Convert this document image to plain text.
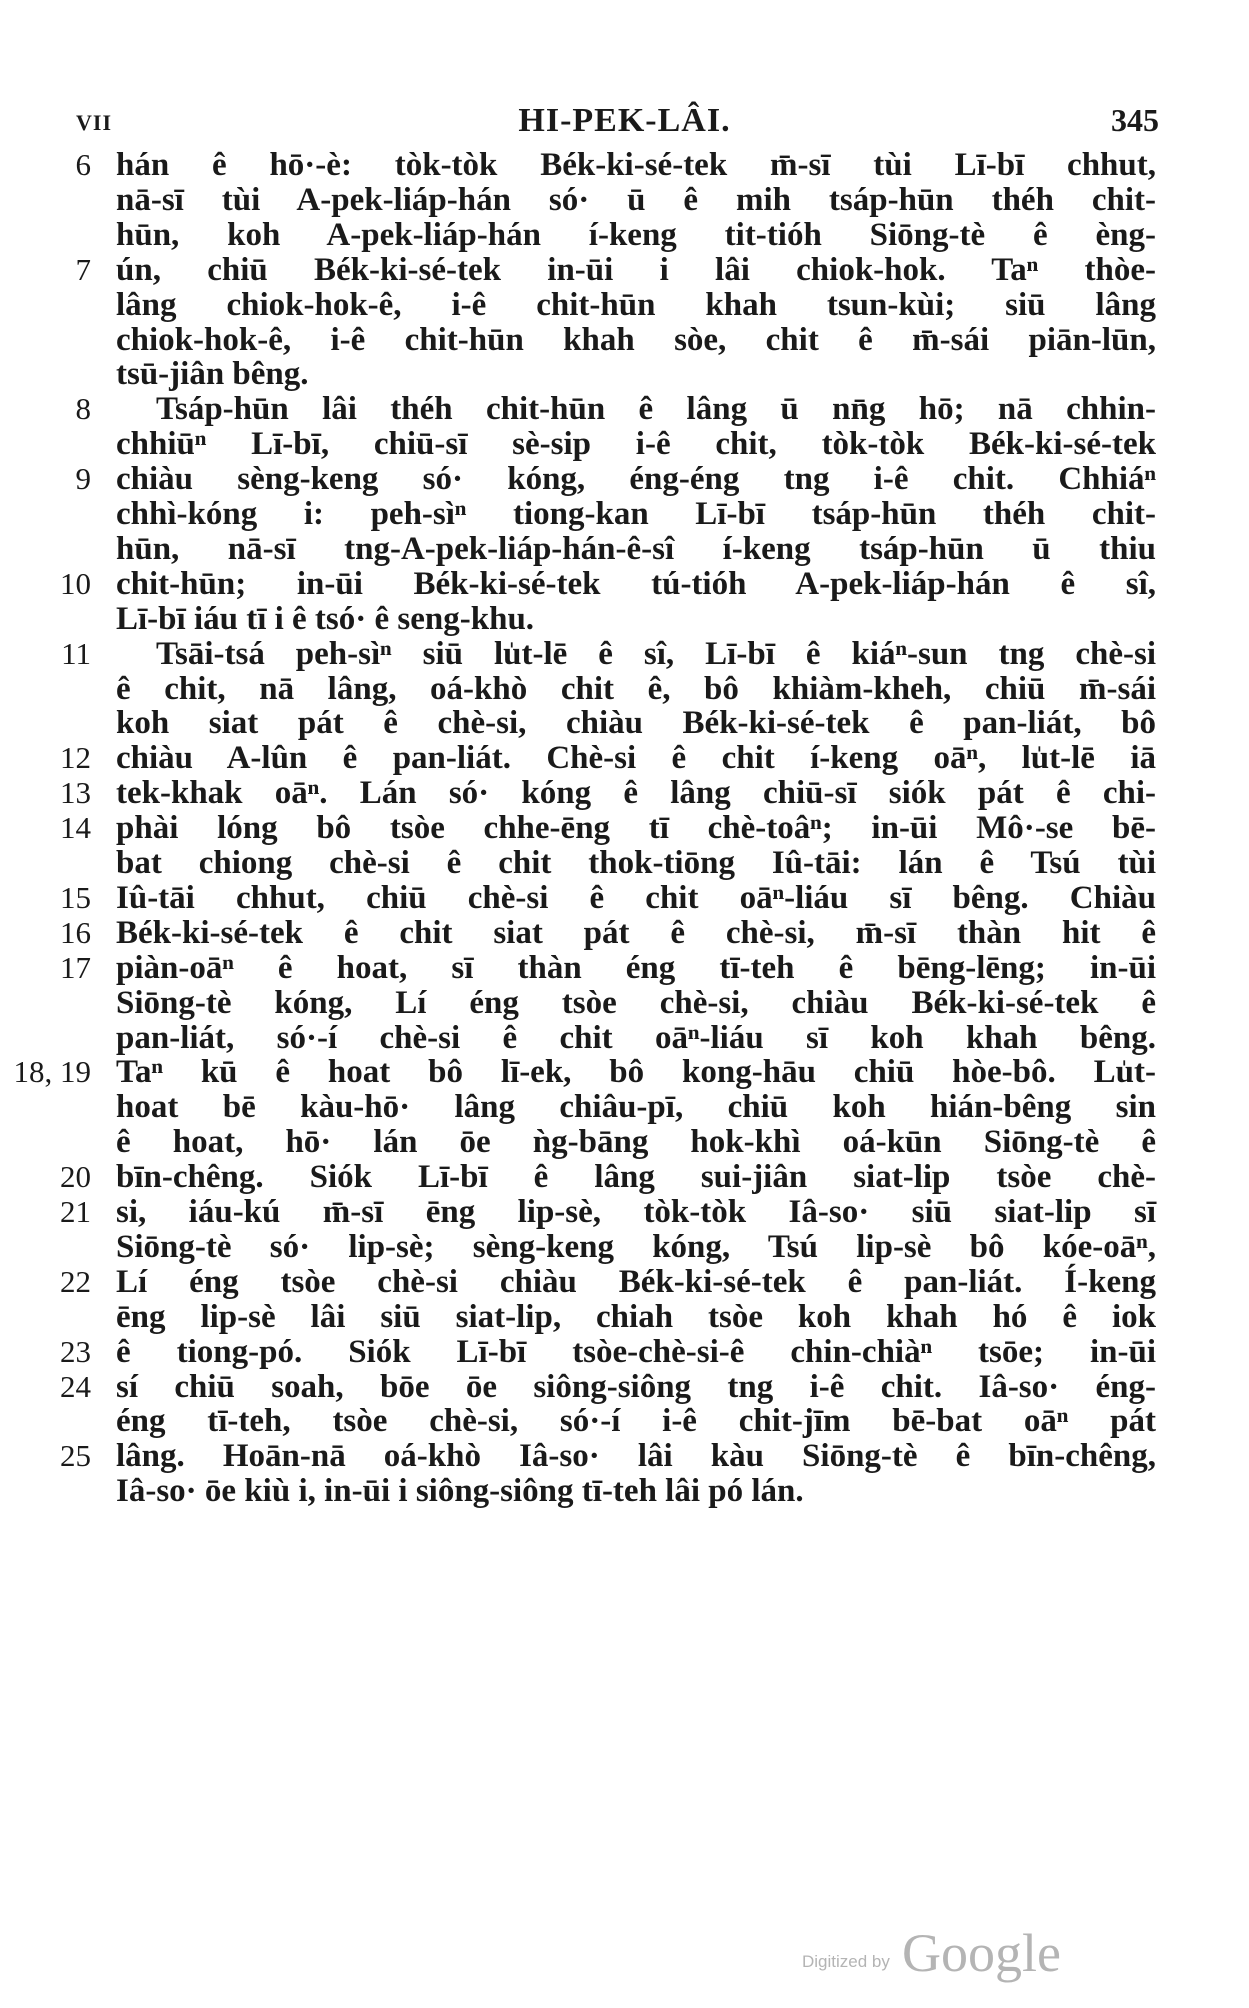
VII	HI-PEK-LÂI.	345
6 hán ê hō·-è: tòk-tòk Bék-ki-sé-tek m̄-sī tùi Lī-bī chhut,
nā-sī tùi A-pek-liáp-hán só· ū ê mih tsáp-hūn théh chit-
hūn, koh A-pek-liáp-hán í-keng tit-tióh Siōng-tè ê èng-
7 ún, chiū Bék-ki-sé-tek in-ūi i lâi chiok-hok. Taⁿ thòe-
lâng chiok-hok-ê, i-ê chit-hūn khah tsun-kùi; siū lâng
chiok-hok-ê, i-ê chit-hūn khah sòe, chit ê m̄-sái piān-lūn,
tsū-jiân bêng.
8 Tsáp-hūn lâi théh chit-hūn ê lâng ū nn̄g hō; nā chhin-
chhiūⁿ Lī-bī, chiū-sī sè-sip i-ê chit, tòk-tòk Bék-ki-sé-tek
9 chiàu sèng-keng só· kóng, éng-éng tng i-ê chit. Chhiáⁿ
chhì-kóng i: peh-sìⁿ tiong-kan Lī-bī tsáp-hūn théh chit-
hūn, nā-sī tng-A-pek-liáp-hán-ê-sî í-keng tsáp-hūn ū thiu
10 chit-hūn; in-ūi Bék-ki-sé-tek tú-tióh A-pek-liáp-hán ê sî,
Lī-bī iáu tī i ê tsó· ê seng-khu.
11 Tsāi-tsá peh-sìⁿ siū lu̍t-lē ê sî, Lī-bī ê kiáⁿ-sun tng chè-si
ê chit, nā lâng, oá-khò chit ê, bô khiàm-kheh, chiū m̄-sái
koh siat pát ê chè-si, chiàu Bék-ki-sé-tek ê pan-liát, bô
12 chiàu A-lûn ê pan-liát. Chè-si ê chit í-keng oāⁿ, lu̍t-lē iā
13 tek-khak oāⁿ. Lán só· kóng ê lâng chiū-sī siók pát ê chi-
14 phài lóng bô tsòe chhe-ēng tī chè-toâⁿ; in-ūi Mô·-se bē-
bat chiong chè-si ê chit thok-tiōng Iû-tāi: lán ê Tsú tùi
15 Iû-tāi chhut, chiū chè-si ê chit oāⁿ-liáu sī bêng. Chiàu
16 Bék-ki-sé-tek ê chit siat pát ê chè-si, m̄-sī thàn hit ê
17 piàn-oāⁿ ê hoat, sī thàn éng tī-teh ê bēng-lēng; in-ūi
Siōng-tè kóng, Lí éng tsòe chè-si, chiàu Bék-ki-sé-tek ê
pan-liát, só·-í chè-si ê chit oāⁿ-liáu sī koh khah bêng.
18, 19 Taⁿ kū ê hoat bô lī-ek, bô kong-hāu chiū hòe-bô. Lu̍t-
hoat bē kàu-hō· lâng chiâu-pī, chiū koh hián-bêng sin
ê hoat, hō· lán ōe ǹg-bāng hok-khì oá-kūn Siōng-tè ê
20 bīn-chêng. Siók Lī-bī ê lâng sui-jiân siat-lip tsòe chè-
21 si, iáu-kú m̄-sī ēng lip-sè, tòk-tòk Iâ-so· siū siat-lip sī
Siōng-tè só· lip-sè; sèng-keng kóng, Tsú lip-sè bô kóe-oāⁿ,
22 Lí éng tsòe chè-si chiàu Bék-ki-sé-tek ê pan-liát. Í-keng
ēng lip-sè lâi siū siat-lip, chiah tsòe koh khah hó ê iok
23 ê tiong-pó. Siók Lī-bī tsòe-chè-si-ê chin-chiàⁿ tsōe; in-ūi
24 sí chiū soah, bōe ōe siông-siông tng i-ê chit. Iâ-so· éng-
éng tī-teh, tsòe chè-si, só·-í i-ê chit-jīm bē-bat oāⁿ pát
25 lâng. Hoān-nā oá-khò Iâ-so· lâi kàu Siōng-tè ê bīn-chêng,
Iâ-so· ōe kiù i, in-ūi i siông-siông tī-teh lâi pó lán.
Digitized by Google
